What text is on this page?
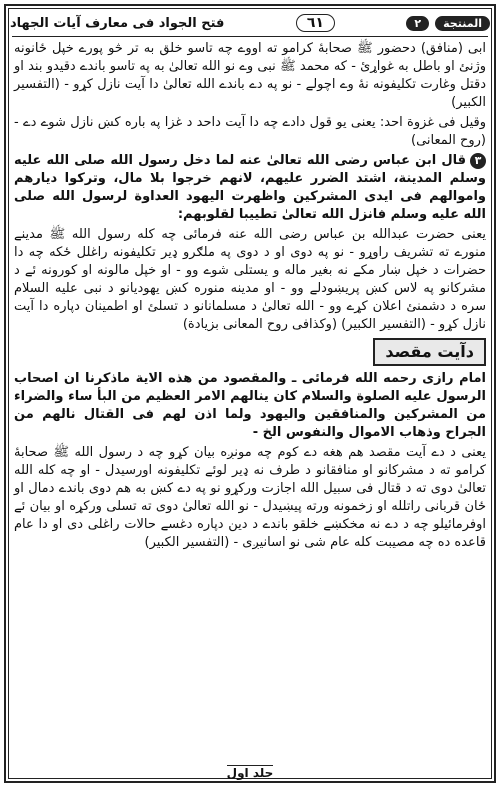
المنتجة
٢
٦١
فتح الجواد فى معارف آيات الجهاد

ابی (منافق) دحضور ﷺ صحابهٔ کرامو ته اووے چه تاسو خلق به تر څو پورے خپل ځانونه وژنئ او باطل به غواړئ - که محمد ﷺ نبی وے نو الله تعالیٰ به په تاسو باندے دقیدو بند او دقتل وغارت تکلیفونه نۀ وے اچولے - نو په دے باندے الله تعالیٰ دا آیت نازل کړو - (التفسیر الکبیر)

وقیل فی غزوة احد: یعنی یو قول دادے چه دا آیت داحد د غزا په باره کښ نازل شوے دے - (روح المعانی)

٣قال ابن عباس رضی الله تعالیٰ عنه لما دخل رسول الله صلی الله علیه وسلم المدینة، اشتد الضرر علیهم، لانهم خرجوا بلا مال، وترکوا دیارهم واموالهم فی ایدی المشرکین واظهرت الیهود العداوة لرسول الله صلی الله علیه وسلم فانزل الله تعالیٰ تطییبا لقلوبهم:

یعنی حضرت عبدالله بن عباس رضی الله عنه فرمائی چه کله رسول الله ﷺ مدینے منورے ته تشریف راوړو - نو په دوی او د دوی په ملګرو ډیر تکلیفونه راغلل ځکه چه دا حضرات د خپل ښار مکے نه بغیر ماله و یستلی شوے وو - او خپل مالونه او کورونه ئے د مشرکانو په لاس کښ پریښودلے وو - او مدینه منوره کښ یهودیانو د نبی علیه السلام سره د دشمنئ اعلان کړے وو - الله تعالیٰ د مسلمانانو د تسلئ او اطمینان دپاره دا آیت نازل کړو - (التفسیر الکبیر) (وکذافی روح المعانی بزیادة)

دآیت مقصد

امام رازی رحمه الله فرمائی ـ والمقصود من هذه الایة ماذکرنا ان اصحاب الرسول علیه الصلوة والسلام کان ینالهم الامر العظیم من البأ ساء والضراء من المشرکین والمنافقین والیهود ولما اذن لهم فی القتال نالهم من الجراح وذهاب الاموال والنفوس الخ -

یعنی د دے آیت مقصد هم هغه دے کوم چه مونږه بیان کړو چه د رسول الله ﷺ صحابهٔ کرامو ته د مشرکانو او منافقانو د طرف نه ډیر لوئے تکلیفونه اورسیدل - او چه کله الله تعالیٰ دوی ته د قتال فی سبیل الله اجازت ورکړو نو په دے کښ به هم دوی باندے دمال او ځان قربانی راتلله او زخمونه ورته پیښیدل - نو الله تعالیٰ دوی ته تسلی ورکړه او بیان ئے اوفرمائیلو چه د دے نه مخکښے خلقو باندے د دین دپاره دغسے حالات راغلی دی او دا عام قاعده ده چه مصیبت کله عام شی نو اسانیږی - (التفسیر الکبیر)

جلد اول
